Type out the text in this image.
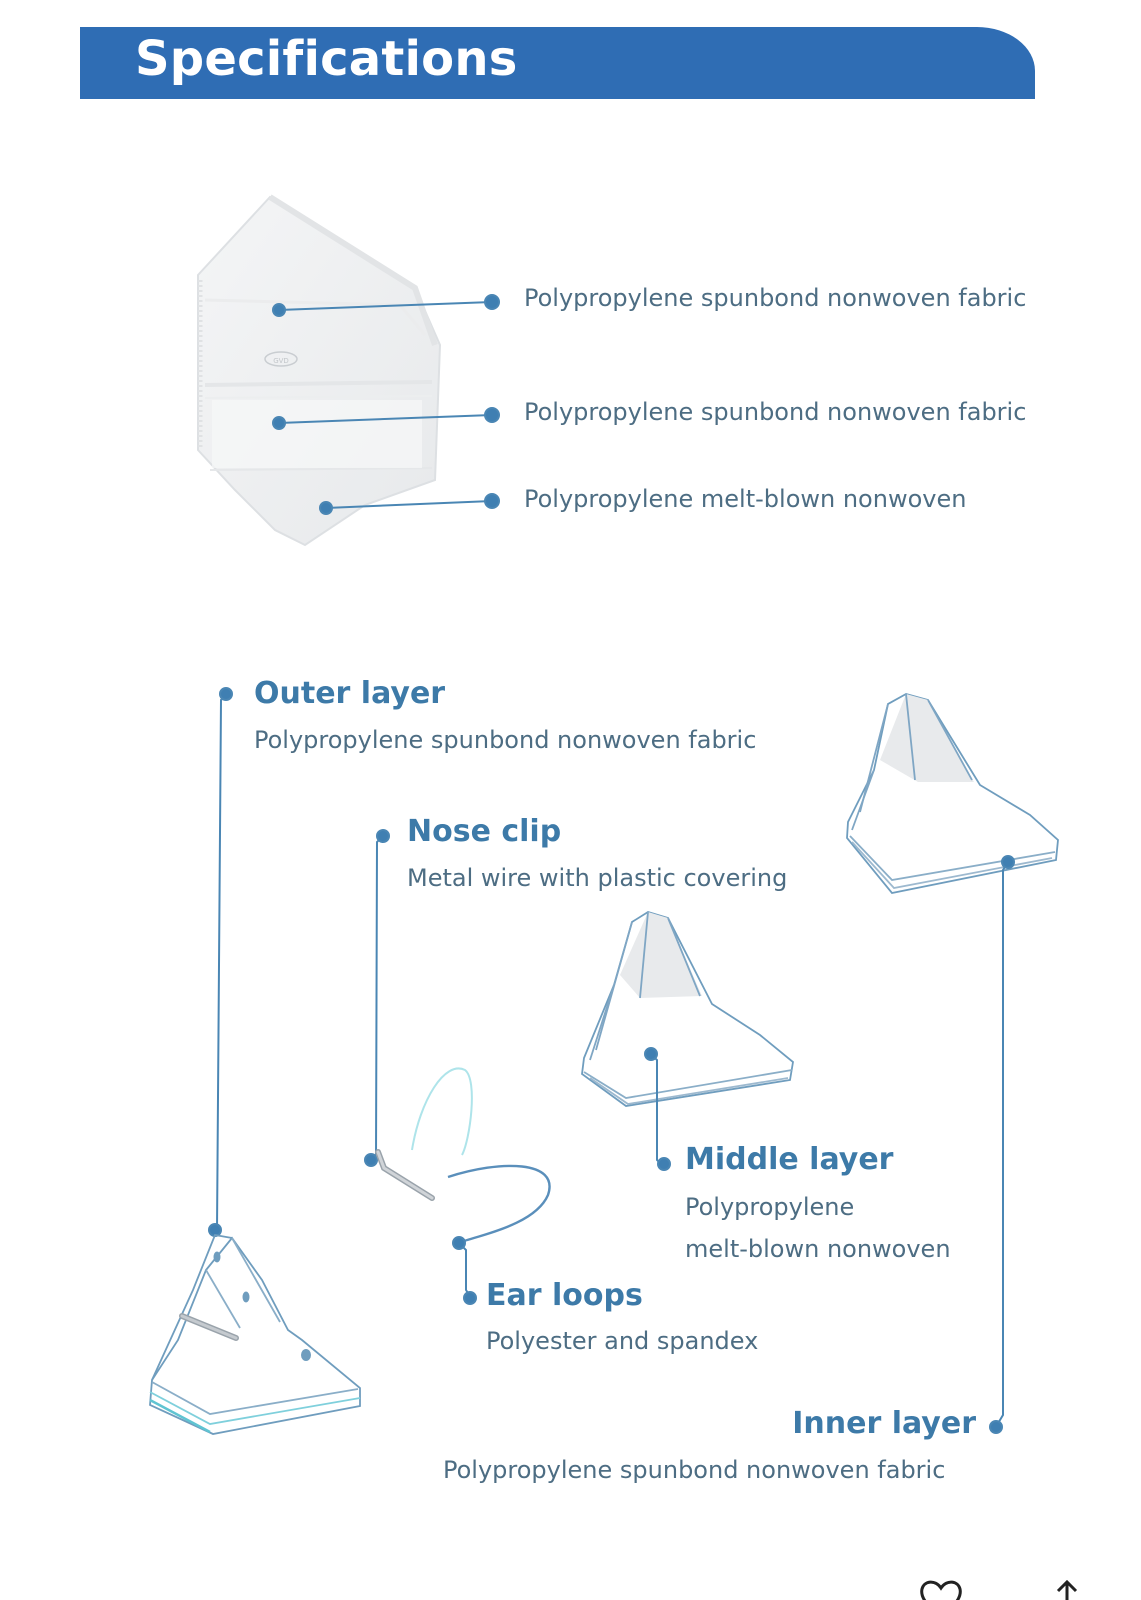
Specifications
GVD
Polypropylene spunbond nonwoven fabric
Polypropylene spunbond nonwoven fabric
Polypropylene melt-blown nonwoven
Outer layer
Polypropylene spunbond nonwoven fabric
Nose clip
Metal wire with plastic covering
Middle layer
Polypropylene
melt-blown nonwoven
Ear loops
Polyester and spandex
Inner layer
Polypropylene spunbond nonwoven fabric
